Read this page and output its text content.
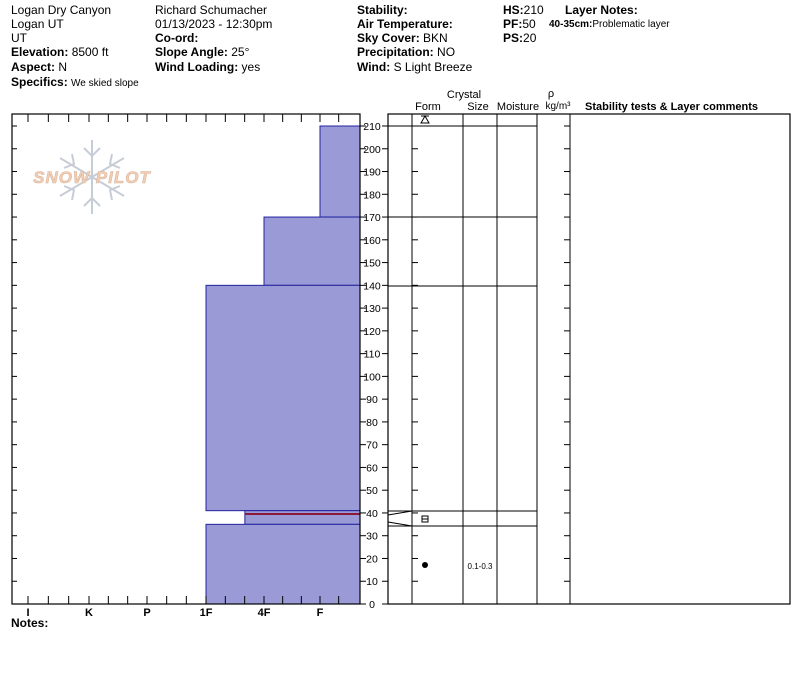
Logan Dry Canyon
Logan UT
UT
Elevation: 8500 ft
Aspect: N
Specifics: We skied slope
Richard Schumacher
01/13/2023 - 12:30pm
Co-ord:
Slope Angle: 25°
Wind Loading: yes
Stability:
Air Temperature:
Sky Cover: BKN
Precipitation: NO
Wind: S Light Breeze
HS:210
PF:50
PS:20
Layer Notes:
40-35cm:Problematic layer
Notes:
SNOW PILOT
I	K	P	1F	4F	F
0
10
20
30
40
50
60
70
80
90
100
110
120
130
140
150
160
170
180
190
200
210
0.1-0.3
Crystal
Form Size Moisture
ρ
kg/m³ Stability tests & Layer comments
